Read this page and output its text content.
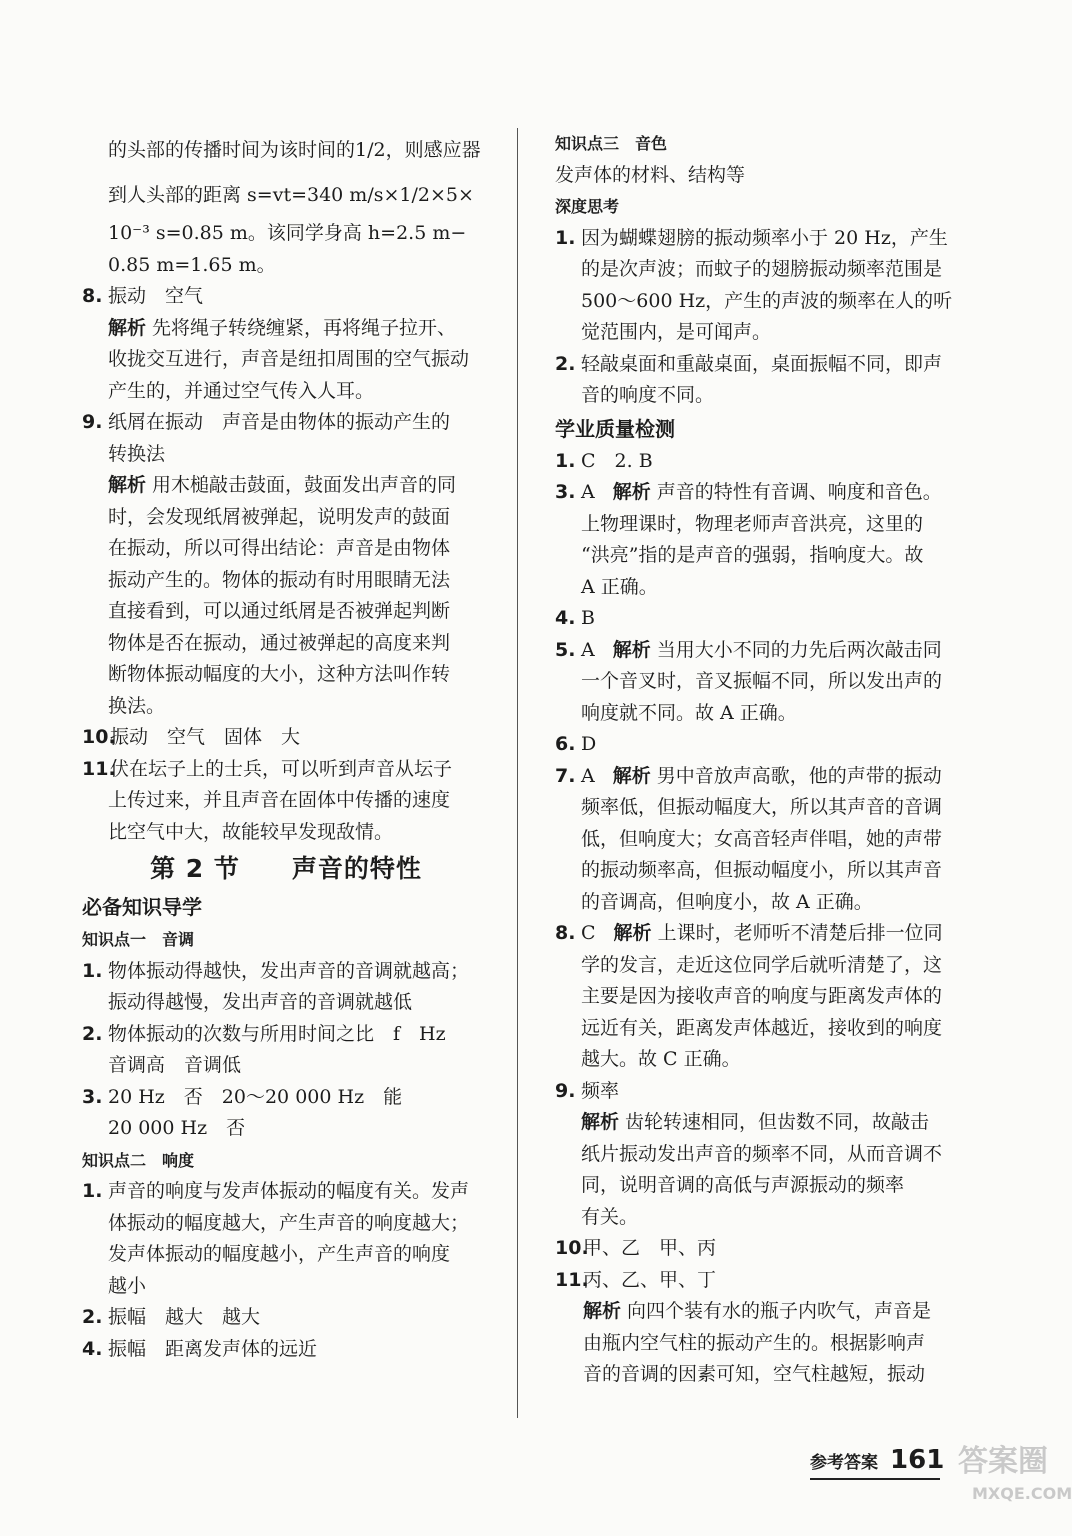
的头部的传播时间为该时间的1/2，则感应器
到人头部的距离 s=vt=340 m/s×1/2×5×
10⁻³ s=0.85 m。该同学身高 h=2.5 m−
0.85 m=1.65 m。
8. 振动　空气
解析 先将绳子转绕缠紧，再将绳子拉开、
收拢交互进行，声音是纽扣周围的空气振动
产生的，并通过空气传入人耳。
9. 纸屑在振动　声音是由物体的振动产生的
转换法
解析 用木槌敲击鼓面，鼓面发出声音的同
时，会发现纸屑被弹起，说明发声的鼓面
在振动，所以可得出结论：声音是由物体
振动产生的。物体的振动有时用眼睛无法
直接看到，可以通过纸屑是否被弹起判断
物体是否在振动，通过被弹起的高度来判
断物体振动幅度的大小，这种方法叫作转
换法。
10.振动　空气　固体　大
11.伏在坛子上的士兵，可以听到声音从坛子
上传过来，并且声音在固体中传播的速度
比空气中大，故能较早发现敌情。
第 2 节　　声音的特性
必备知识导学
知识点一　音调
1. 物体振动得越快，发出声音的音调就越高；
振动得越慢，发出声音的音调就越低
2. 物体振动的次数与所用时间之比　f　Hz
音调高　音调低
3. 20 Hz　否　20～20 000 Hz　能
20 000 Hz　否
知识点二　响度
1. 声音的响度与发声体振动的幅度有关。发声
体振动的幅度越大，产生声音的响度越大；
发声体振动的幅度越小，产生声音的响度
越小
2. 振幅　越大　越大
4. 振幅　距离发声体的远近
知识点三　音色
发声体的材料、结构等
深度思考
1. 因为蝴蝶翅膀的振动频率小于 20 Hz，产生
的是次声波；而蚊子的翅膀振动频率范围是
500～600 Hz，产生的声波的频率在人的听
觉范围内，是可闻声。
2. 轻敲桌面和重敲桌面，桌面振幅不同，即声
音的响度不同。
学业质量检测
1. C　2. B
3. A 解析 声音的特性有音调、响度和音色。
上物理课时，物理老师声音洪亮，这里的
“洪亮”指的是声音的强弱，指响度大。故
A 正确。
4. B
5. A 解析 当用大小不同的力先后两次敲击同
一个音叉时，音叉振幅不同，所以发出声的
响度就不同。故 A 正确。
6. D
7. A 解析 男中音放声高歌，他的声带的振动
频率低，但振动幅度大，所以其声音的音调
低，但响度大；女高音轻声伴唱，她的声带
的振动频率高，但振动幅度小，所以其声音
的音调高，但响度小，故 A 正确。
8. C 解析 上课时，老师听不清楚后排一位同
学的发言，走近这位同学后就听清楚了，这
主要是因为接收声音的响度与距离发声体的
远近有关，距离发声体越近，接收到的响度
越大。故 C 正确。
9. 频率
解析 齿轮转速相同，但齿数不同，故敲击
纸片振动发出声音的频率不同，从而音调不
同，说明音调的高低与声源振动的频率
有关。
10.甲、乙　甲、丙
11.丙、乙、甲、丁
解析 向四个装有水的瓶子内吹气，声音是
由瓶内空气柱的振动产生的。根据影响声
音的音调的因素可知，空气柱越短，振动
参考答案 161 答案圈
MXQE.COM
